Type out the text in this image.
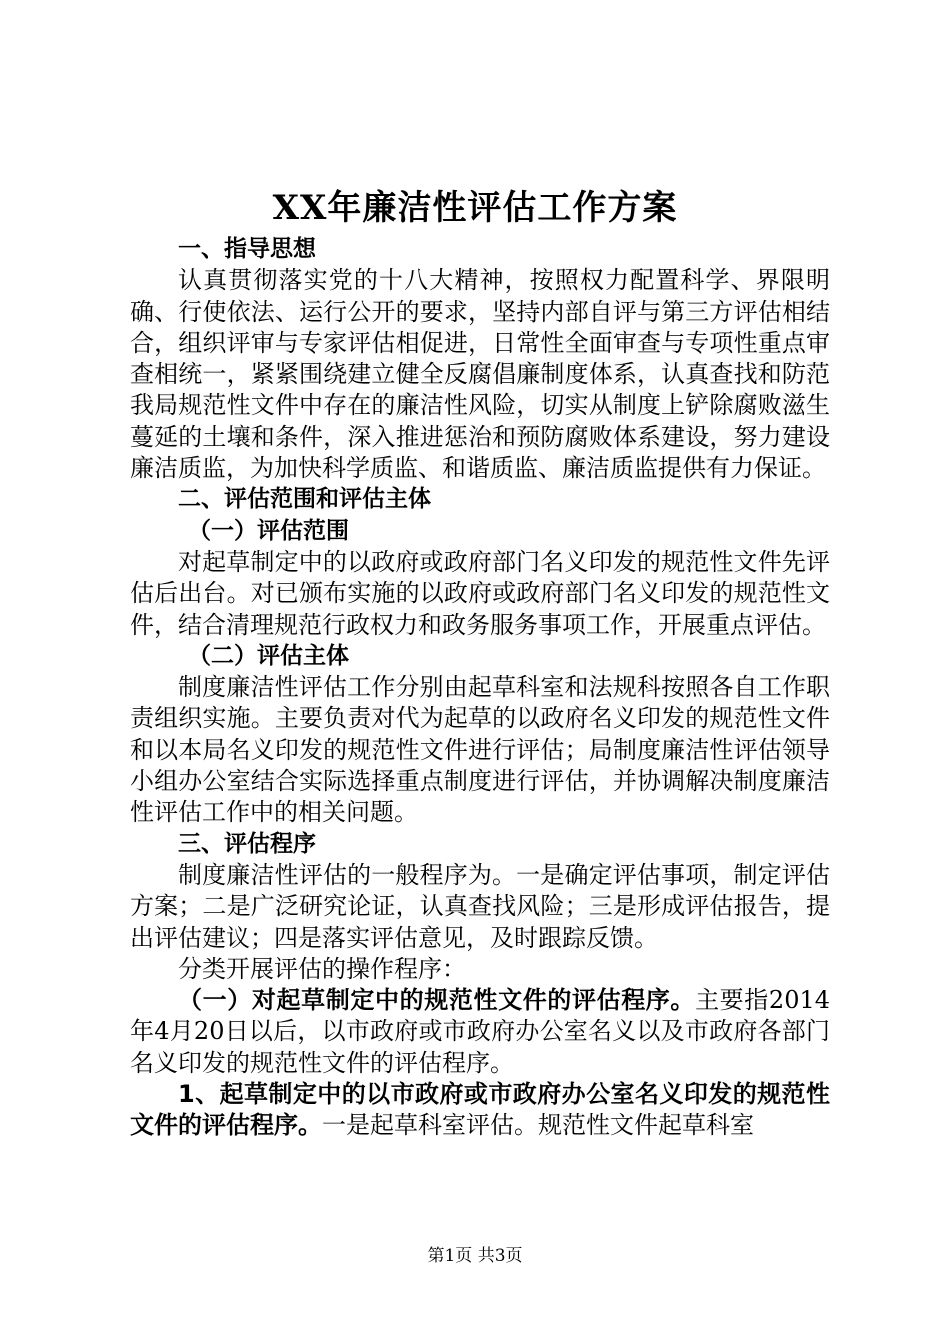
XX年廉洁性评估工作方案

一、指导思想

认真贯彻落实党的十八大精神，按照权力配置科学、界限明确、行使依法、运行公开的要求，坚持内部自评与第三方评估相结合，组织评审与专家评估相促进，日常性全面审查与专项性重点审查相统一，紧紧围绕建立健全反腐倡廉制度体系，认真查找和防范我局规范性文件中存在的廉洁性风险，切实从制度上铲除腐败滋生蔓延的土壤和条件，深入推进惩治和预防腐败体系建设，努力建设廉洁质监，为加快科学质监、和谐质监、廉洁质监提供有力保证。

二、评估范围和评估主体

（一）评估范围

对起草制定中的以政府或政府部门名义印发的规范性文件先评估后出台。对已颁布实施的以政府或政府部门名义印发的规范性文件，结合清理规范行政权力和政务服务事项工作，开展重点评估。

（二）评估主体

制度廉洁性评估工作分别由起草科室和法规科按照各自工作职责组织实施。主要负责对代为起草的以政府名义印发的规范性文件和以本局名义印发的规范性文件进行评估；局制度廉洁性评估领导小组办公室结合实际选择重点制度进行评估，并协调解决制度廉洁性评估工作中的相关问题。

三、评估程序

制度廉洁性评估的一般程序为。一是确定评估事项，制定评估方案；二是广泛研究论证，认真查找风险；三是形成评估报告，提出评估建议；四是落实评估意见，及时跟踪反馈。

分类开展评估的操作程序：

（一）对起草制定中的规范性文件的评估程序。主要指2014年4月20日以后，以市政府或市政府办公室名义以及市政府各部门名义印发的规范性文件的评估程序。

1、起草制定中的以市政府或市政府办公室名义印发的规范性文件的评估程序。一是起草科室评估。规范性文件起草科室

第1页 共3页
